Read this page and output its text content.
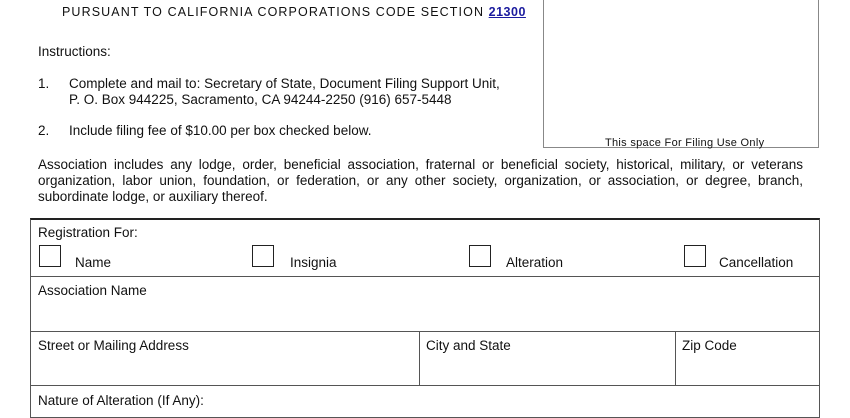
PURSUANT TO CALIFORNIA CORPORATIONS CODE SECTION 21300
This space For Filing Use Only
Instructions:
1. Complete and mail to: Secretary of State, Document Filing Support Unit,
P. O. Box 944225, Sacramento, CA 94244-2250 (916) 657-5448
2. Include filing fee of $10.00 per box checked below.
Association includes any lodge, order, beneficial association, fraternal or beneficial society, historical, military, or veterans organization, labor union, foundation, or federation, or any other society, organization, or association, or degree, branch, subordinate lodge, or auxiliary thereof.
Registration For:
Name	Insignia	Alteration	Cancellation
Association Name
Street or Mailing Address	City and State	Zip Code
Nature of Alteration (If Any):
